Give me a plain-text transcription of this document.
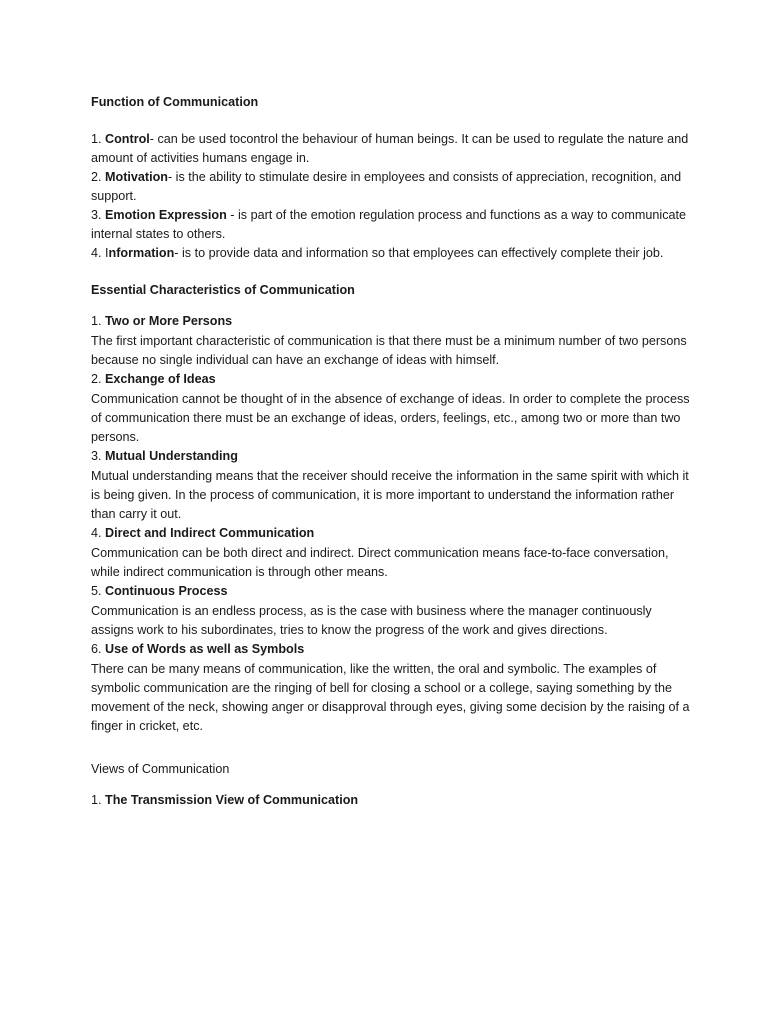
Function of Communication

1. Control- can be used tocontrol the behaviour of human beings. It can be used to regulate the nature and amount of activities humans engage in.

2. Motivation- is the ability to stimulate desire in employees and consists of appreciation, recognition, and support.

3. Emotion Expression - is part of the emotion regulation process and functions as a way to communicate internal states to others.

4. Information- is to provide data and information so that employees can effectively complete their job.

Essential Characteristics of Communication

1. Two or More Persons

The first important characteristic of communication is that there must be a minimum number of two persons because no single individual can have an exchange of ideas with himself.

2. Exchange of Ideas

Communication cannot be thought of in the absence of exchange of ideas. In order to complete the process of communication there must be an exchange of ideas, orders, feelings, etc., among two or more than two persons.

3. Mutual Understanding

Mutual understanding means that the receiver should receive the information in the same spirit with which it is being given. In the process of communication, it is more important to understand the information rather than carry it out.

4. Direct and Indirect Communication

Communication can be both direct and indirect. Direct communication means face-to-face conversation, while indirect communication is through other means.

5. Continuous Process

Communication is an endless process, as is the case with business where the manager continuously assigns work to his subordinates, tries to know the progress of the work and gives directions.

6. Use of Words as well as Symbols

There can be many means of communication, like the written, the oral and symbolic. The examples of symbolic communication are the ringing of bell for closing a school or a college, saying something by the movement of the neck, showing anger or disapproval through eyes, giving some decision by the raising of a finger in cricket, etc.

Views of Communication

1. The Transmission View of Communication
